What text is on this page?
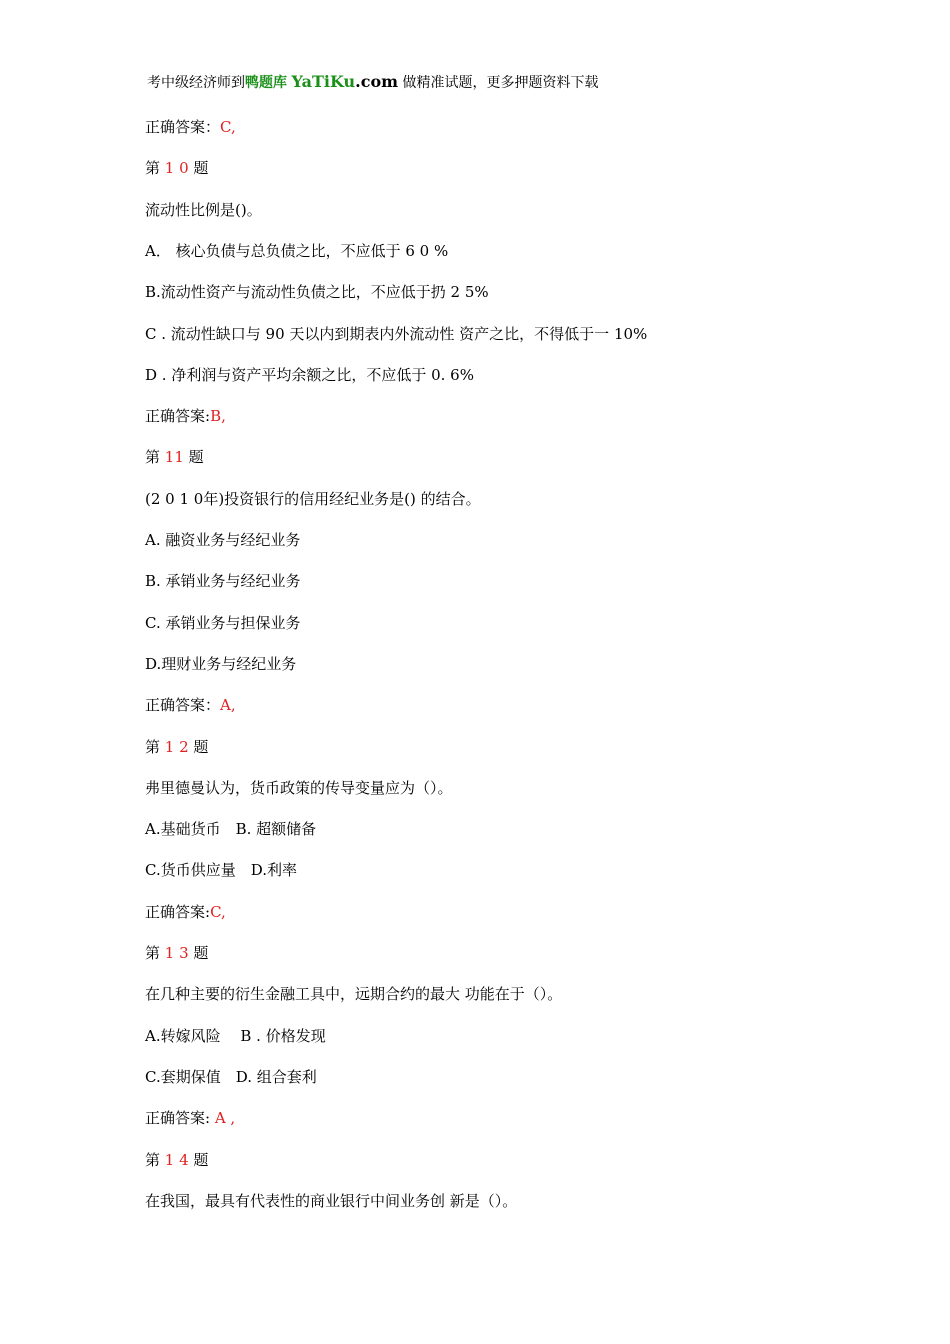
考中级经济师到鸭题库 YaTiKu.com 做精准试题，更多押题资料下载
正确答案：C,
第 1 0 题
流动性比例是()。
A． 核心负债与总负债之比，不应低于 6 0 %
B.流动性资产与流动性负债之比，不应低于扔 2 5%
C . 流动性缺口与 90 天以内到期表内外流动性 资产之比，不得低于一 10%
D . 净利润与资产平均余额之比，不应低于 0. 6%
正确答案:B,
第 11 题
(2 0 1 0年)投资银行的信用经纪业务是() 的结合。
A. 融资业务与经纪业务
B. 承销业务与经纪业务
C. 承销业务与担保业务
D.理财业务与经纪业务
正确答案：A,
第 1 2 题
弗里德曼认为，货币政策的传导变量应为（）。
A.基础货币　B. 超额储备
C.货币供应量　D.利率
正确答案:C,
第 1 3 题
在几种主要的衍生金融工具中，远期合约的最大 功能在于（）。
A.转嫁风险　 B . 价格发现
C.套期保值　D. 组合套利
正确答案: A ,
第 1 4 题
在我国，最具有代表性的商业银行中间业务创 新是（）。
